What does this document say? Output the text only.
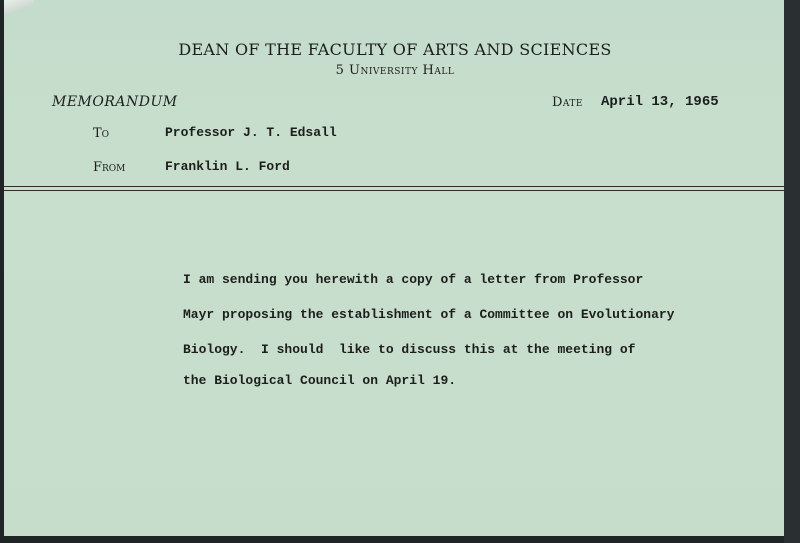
DEAN OF THE FACULTY OF ARTS AND SCIENCES
5 University Hall
MEMORANDUM	Date April 13, 1965
To	Professor J. T. Edsall
From	Franklin L. Ford
I am sending you herewith a copy of a letter from Professor
Mayr proposing the establishment of a Committee on Evolutionary
Biology.  I should  like to discuss this at the meeting of
the Biological Council on April 19.
